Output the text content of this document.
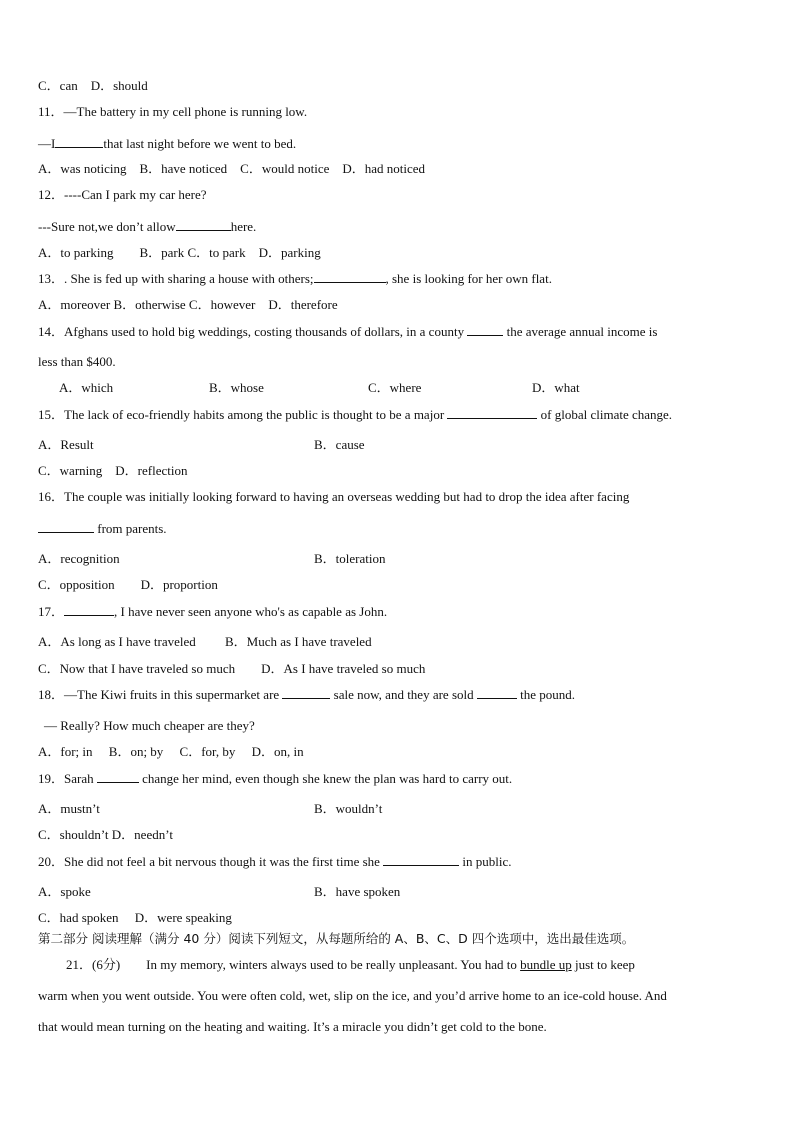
C．can　D．should
11．—The battery in my cell phone is running low.
—I	that last night before we went to bed.
A．was noticing　B．have noticed　C．would notice　D．had noticed
12．----Can I park my car here?
---Sure not,we don’t allow	here.
A．to parking　　B．park C．to park　D．parking
13．. She is fed up with sharing a house with others;	, she is looking for her own flat.
A．moreover B．otherwise C．however　D．therefore
14．Afghans used to hold big weddings, costing thousands of dollars, in a county	the average annual income is
less than $400.
A．which	B．whose	C．where	D．what
15．The lack of eco-friendly habits among the public is thought to be a major	of global climate change.
A．Result	B．cause
C．warning　D．reflection
16．The couple was initially looking forward to having an overseas wedding but had to drop the idea after facing
from parents.
A．recognition	B．toleration
C．opposition　　D．proportion
17．	, I have never seen anyone who's as capable as John.
A．As long as I have traveled　　 B．Much as I have traveled
C．Now that I have traveled so much　　D．As I have traveled so much
18．—The Kiwi fruits in this supermarket are	sale now, and they are sold	the pound.
— Really? How much cheaper are they?
A．for; in　 B．on; by　 C．for, by　 D．on, in
19．Sarah	change her mind, even though she knew the plan was hard to carry out.
A．mustn’t	B．wouldn’t
C．shouldn’t D．needn’t
20．She did not feel a bit nervous though it was the first time she	in public.
A．spoke	B．have spoken
C．had spoken　 D．were speaking
第二部分 阅读理解（满分 40 分）阅读下列短文，从每题所给的 A、B、C、D 四个选项中，选出最佳选项。
21．(6分) In my memory, winters always used to be really unpleasant. You had to bundle up just to keep
warm when you went outside. You were often cold, wet, slip on the ice, and you’d arrive home to an ice-cold house. And
that would mean turning on the heating and waiting. It’s a miracle you didn’t get cold to the bone.
